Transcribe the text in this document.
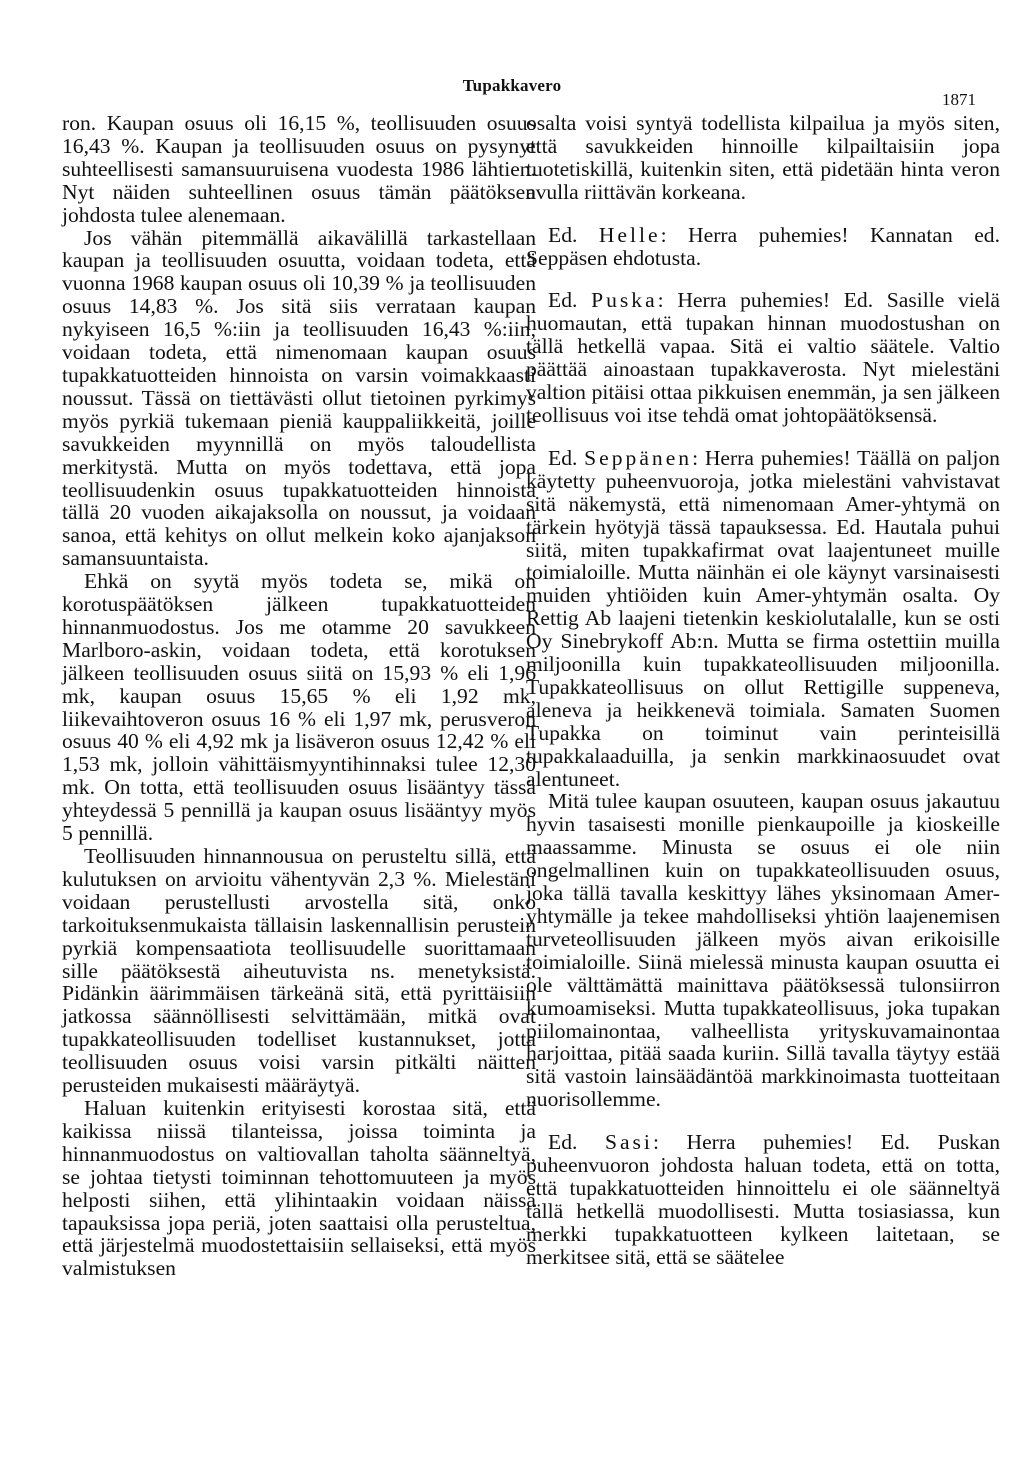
Tupakkavero
1871

ron. Kaupan osuus oli 16,15 %, teollisuuden osuus 16,43 %. Kaupan ja teollisuuden osuus on pysynyt suhteellisesti samansuuruisena vuodesta 1986 lähtien. Nyt näiden suhteellinen osuus tämän päätöksen johdosta tulee alenemaan.

Jos vähän pitemmällä aikavälillä tarkastellaan kaupan ja teollisuuden osuutta, voidaan todeta, että vuonna 1968 kaupan osuus oli 10,39 % ja teollisuuden osuus 14,83 %. Jos sitä siis verrataan kaupan nykyiseen 16,5 %:iin ja teollisuuden 16,43 %:iin, voidaan todeta, että nimenomaan kaupan osuus tupakkatuotteiden hinnoista on varsin voimakkaasti noussut. Tässä on tiettävästi ollut tietoinen pyrkimys myös pyrkiä tukemaan pieniä kauppaliikkeitä, joille savukkeiden myynnillä on myös taloudellista merkitystä. Mutta on myös todettava, että jopa teollisuudenkin osuus tupakkatuotteiden hinnoista tällä 20 vuoden aikajaksolla on noussut, ja voidaan sanoa, että kehitys on ollut melkein koko ajanjakson samansuuntaista.

Ehkä on syytä myös todeta se, mikä on korotuspäätöksen jälkeen tupakkatuotteiden hinnanmuodostus. Jos me otamme 20 savukkeen Marlboro-askin, voidaan todeta, että korotuksen jälkeen teollisuuden osuus siitä on 15,93 % eli 1,96 mk, kaupan osuus 15,65 % eli 1,92 mk, liikevaihtoveron osuus 16 % eli 1,97 mk, perusveron osuus 40 % eli 4,92 mk ja lisäveron osuus 12,42 % eli 1,53 mk, jolloin vähittäismyyntihinnaksi tulee 12,30 mk. On totta, että teollisuuden osuus lisääntyy tässä yhteydessä 5 pennillä ja kaupan osuus lisääntyy myös 5 pennillä.

Teollisuuden hinnannousua on perusteltu sillä, että kulutuksen on arvioitu vähentyvän 2,3 %. Mielestäni voidaan perustellusti arvostella sitä, onko tarkoituksenmukaista tällaisin laskennallisin perustein pyrkiä kompensaatiota teollisuudelle suorittamaan sille päätöksestä aiheutuvista ns. menetyksistä. Pidänkin äärimmäisen tärkeänä sitä, että pyrittäisiin jatkossa säännöllisesti selvittämään, mitkä ovat tupakkateollisuuden todelliset kustannukset, jotta teollisuuden osuus voisi varsin pitkälti näitten perusteiden mukaisesti määräytyä.

Haluan kuitenkin erityisesti korostaa sitä, että kaikissa niissä tilanteissa, joissa toiminta ja hinnanmuodostus on valtiovallan taholta säänneltyä, se johtaa tietysti toiminnan tehottomuuteen ja myös helposti siihen, että ylihintaakin voidaan näissä tapauksissa jopa periä, joten saattaisi olla perusteltua, että järjestelmä muodostettaisiin sellaiseksi, että myös valmistuksen

osalta voisi syntyä todellista kilpailua ja myös siten, että savukkeiden hinnoille kilpailtaisiin jopa tuotetiskillä, kuitenkin siten, että pidetään hinta veron avulla riittävän korkeana.

Ed. Helle: Herra puhemies! Kannatan ed. Seppäsen ehdotusta.

Ed. Puska: Herra puhemies! Ed. Sasille vielä huomautan, että tupakan hinnan muodostushan on tällä hetkellä vapaa. Sitä ei valtio säätele. Valtio päättää ainoastaan tupakkaverosta. Nyt mielestäni valtion pitäisi ottaa pikkuisen enemmän, ja sen jälkeen teollisuus voi itse tehdä omat johtopäätöksensä.

Ed. Seppänen: Herra puhemies! Täällä on paljon käytetty puheenvuoroja, jotka mielestäni vahvistavat sitä näkemystä, että nimenomaan Amer-yhtymä on tärkein hyötyjä tässä tapauksessa. Ed. Hautala puhui siitä, miten tupakkafirmat ovat laajentuneet muille toimialoille. Mutta näinhän ei ole käynyt varsinaisesti muiden yhtiöiden kuin Amer-yhtymän osalta. Oy Rettig Ab laajeni tietenkin keskiolutalalle, kun se osti Oy Sinebrykoff Ab:n. Mutta se firma ostettiin muilla miljoonilla kuin tupakkateollisuuden miljoonilla. Tupakkateollisuus on ollut Rettigille suppeneva, aleneva ja heikkenevä toimiala. Samaten Suomen Tupakka on toiminut vain perinteisillä tupakkalaaduilla, ja senkin markkinaosuudet ovat alentuneet.

Mitä tulee kaupan osuuteen, kaupan osuus jakautuu hyvin tasaisesti monille pienkaupoille ja kioskeille maassamme. Minusta se osuus ei ole niin ongelmallinen kuin on tupakkateollisuuden osuus, joka tällä tavalla keskittyy lähes yksinomaan Amer-yhtymälle ja tekee mahdolliseksi yhtiön laajenemisen turveteollisuuden jälkeen myös aivan erikoisille toimialoille. Siinä mielessä minusta kaupan osuutta ei ole välttämättä mainittava päätöksessä tulonsiirron kumoamiseksi. Mutta tupakkateollisuus, joka tupakan piilomainontaa, valheellista yrityskuvamainontaa harjoittaa, pitää saada kuriin. Sillä tavalla täytyy estää sitä vastoin lainsäädäntöä markkinoimasta tuotteitaan nuorisollemme.

Ed. Sasi: Herra puhemies! Ed. Puskan puheenvuoron johdosta haluan todeta, että on totta, että tupakkatuotteiden hinnoittelu ei ole säänneltyä tällä hetkellä muodollisesti. Mutta tosiasiassa, kun merkki tupakkatuotteen kylkeen laitetaan, se merkitsee sitä, että se säätelee
